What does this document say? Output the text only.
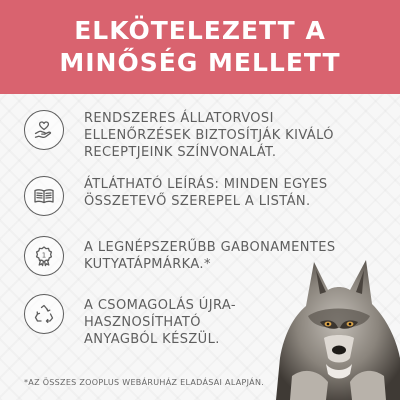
ELKÖTELEZETT A
MINŐSÉG MELLETT
RENDSZERES ÁLLATORVOSI
ELLENŐRZÉSEK BIZTOSÍTJÁK KIVÁLÓ
RECEPTJEINK SZÍNVONALÁT.
ÁTLÁTHATÓ LEÍRÁS: MINDEN EGYES
ÖSSZETEVŐ SZEREPEL A LISTÁN.
1
A LEGNÉPSZERŰBB GABONAMENTES
KUTYATÁPMÁRKA.*
A CSOMAGOLÁS ÚJRA-
HASZNOSÍTHATÓ
ANYAGBÓL KÉSZÜL.
*AZ ÖSSZES ZOOPLUS WEBÁRUHÁZ ELADÁSAI ALAPJÁN.
